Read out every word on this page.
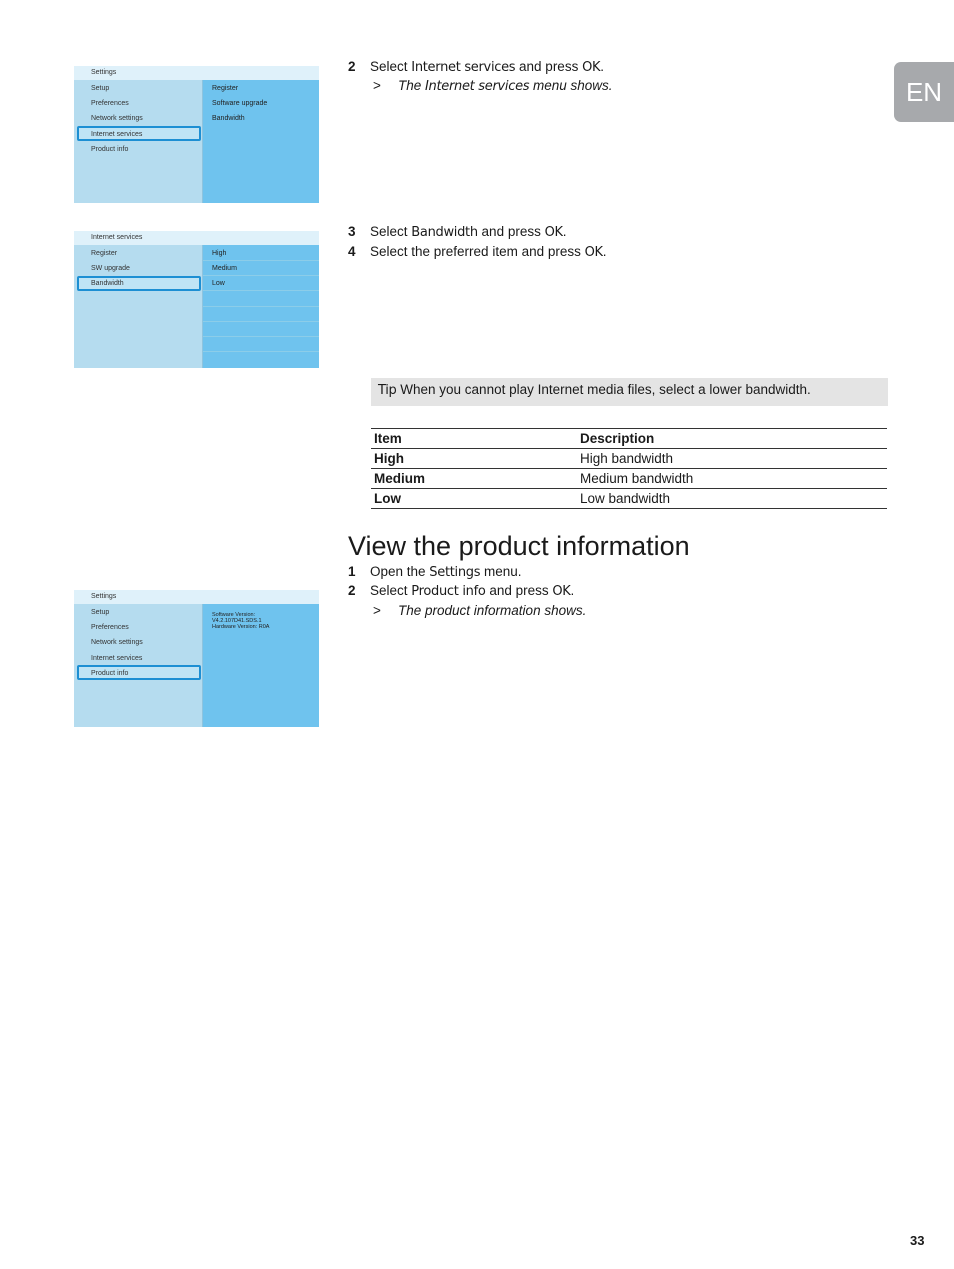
EN
Settings
Setup
Preferences
Network settings
Internet services
Product info
Register
Software upgrade
Bandwidth
Internet services
Register
SW upgrade
Bandwidth
High
Medium
Low
Settings
Setup
Preferences
Network settings
Internet services
Product info
Software Version:
V4.2.107D41.SDS.1
Hardware Version: R0A
2 Select Internet services and press OK.
> The Internet services menu shows.
3 Select Bandwidth and press OK.
4 Select the preferred item and press OK.
Tip When you cannot play Internet media files, select a lower bandwidth.
Item	Description
High	High bandwidth
Medium	Medium bandwidth
Low	Low bandwidth
View the product information
1 Open the Settings menu.
2 Select Product info and press OK.
> The product information shows.
33
